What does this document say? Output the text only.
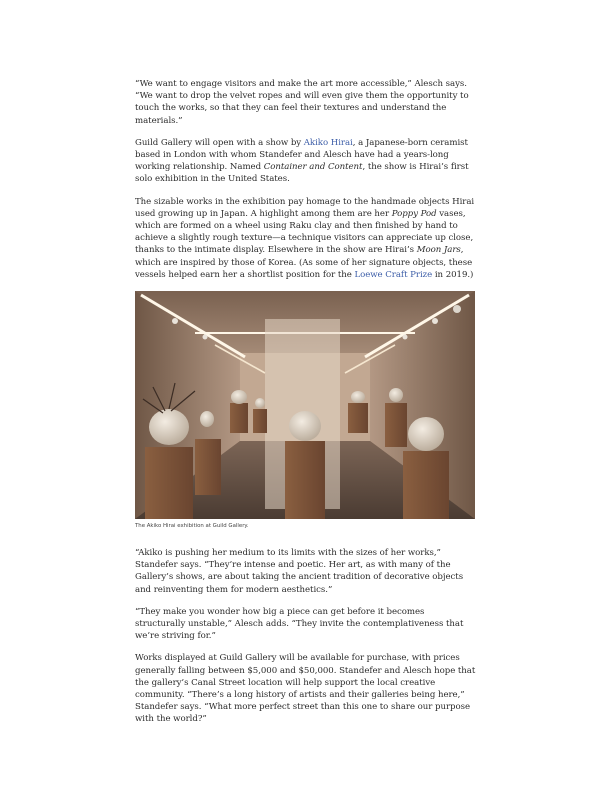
“We want to engage visitors and make the art more accessible,” Alesch says. “We want to drop the velvet ropes and will even give them the opportunity to touch the works, so that they can feel their textures and understand the materials.”

Guild Gallery will open with a show by Akiko Hirai, a Japanese-born ceramist based in London with whom Standefer and Alesch have had a years-long working relationship. Named Container and Content, the show is Hirai’s first solo exhibition in the United States.

The sizable works in the exhibition pay homage to the handmade objects Hirai used growing up in Japan. A highlight among them are her Poppy Pod vases, which are formed on a wheel using Raku clay and then finished by hand to achieve a slightly rough texture—a technique visitors can appreciate up close, thanks to the intimate display. Elsewhere in the show are Hirai’s Moon Jars, which are inspired by those of Korea. (As some of her signature objects, these vessels helped earn her a shortlist position for the Loewe Craft Prize in 2019.)

The Akiko Hirai exhibition at Guild Gallery.

“Akiko is pushing her medium to its limits with the sizes of her works,” Standefer says. “They’re intense and poetic. Her art, as with many of the Gallery’s shows, are about taking the ancient tradition of decorative objects and reinventing them for modern aesthetics.”

“They make you wonder how big a piece can get before it becomes structurally unstable,” Alesch adds. “They invite the contemplativeness that we’re striving for.”

Works displayed at Guild Gallery will be available for purchase, with prices generally falling between $5,000 and $50,000. Standefer and Alesch hope that the gallery’s Canal Street location will help support the local creative community. “There’s a long history of artists and their galleries being here,” Standefer says. “What more perfect street than this one to share our purpose with the world?”
